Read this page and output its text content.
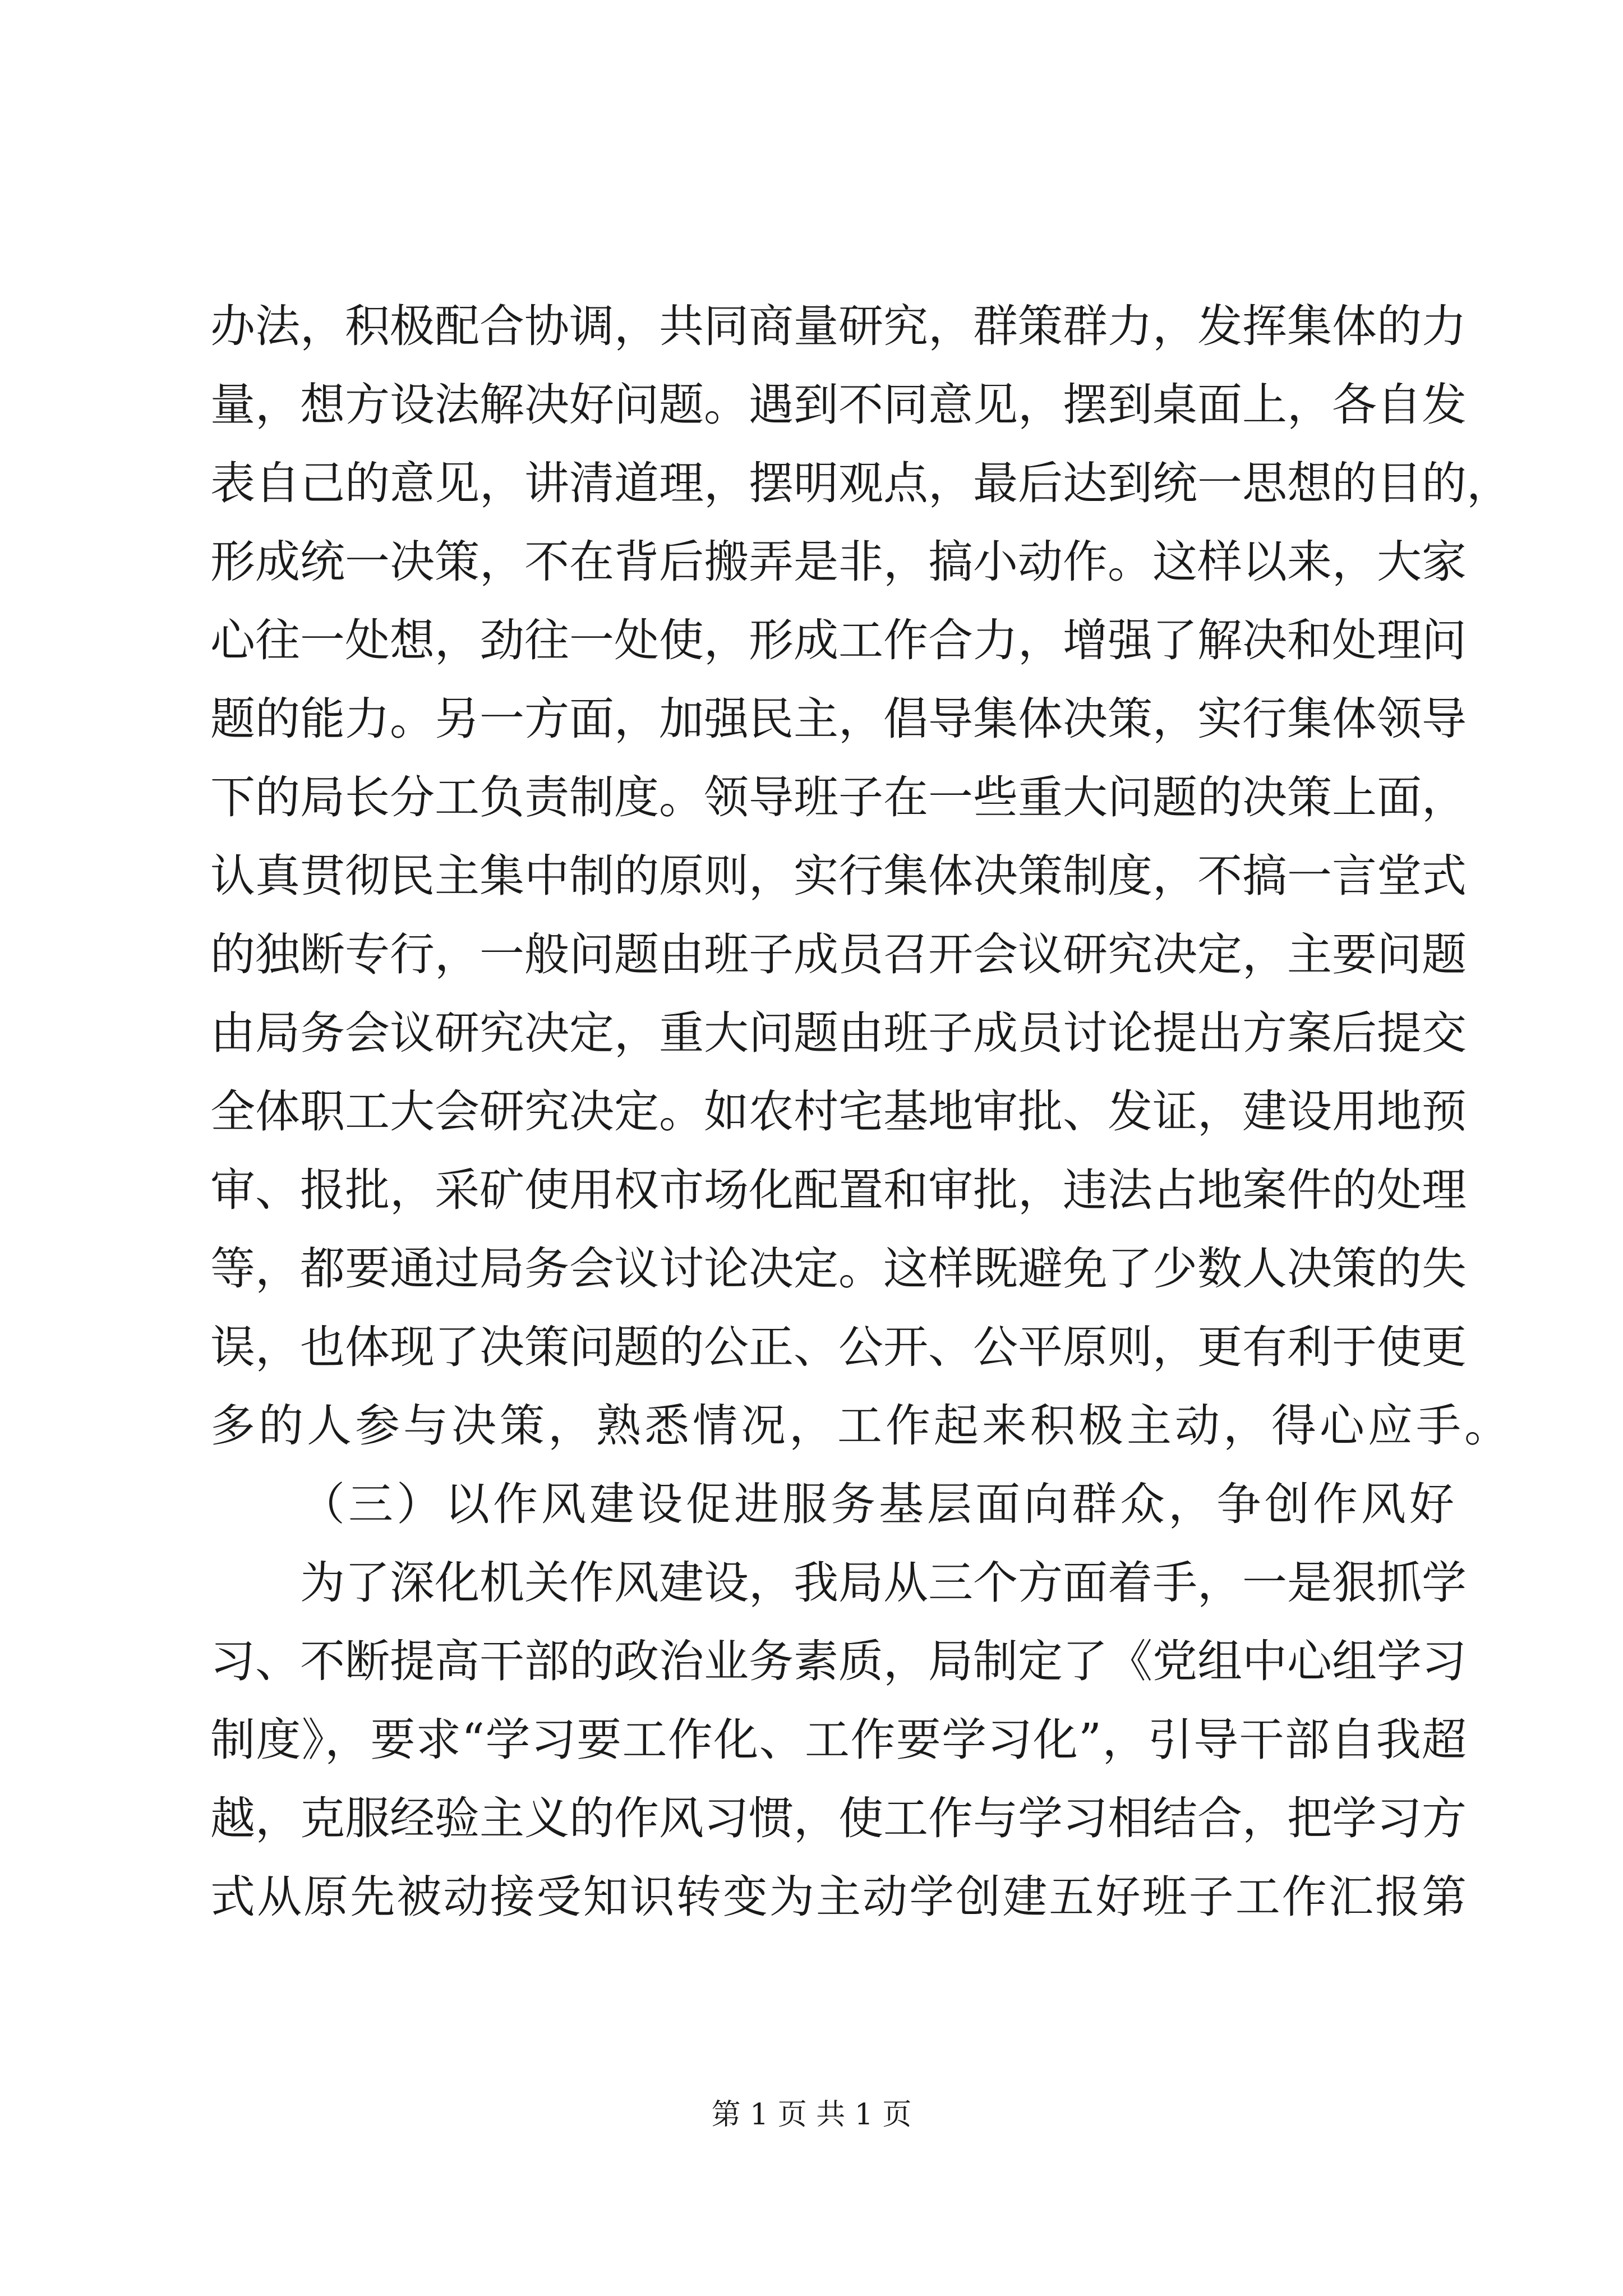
办法，积极配合协调，共同商量研究，群策群力，发挥集体的力
量，想方设法解决好问题。遇到不同意见，摆到桌面上，各自发
表自己的意见，讲清道理，摆明观点，最后达到统一思想的目的，
形成统一决策，不在背后搬弄是非，搞小动作。这样以来，大家
心往一处想，劲往一处使，形成工作合力，增强了解决和处理问
题的能力。另一方面，加强民主，倡导集体决策，实行集体领导
下的局长分工负责制度。领导班子在一些重大问题的决策上面，
认真贯彻民主集中制的原则，实行集体决策制度，不搞一言堂式
的独断专行，一般问题由班子成员召开会议研究决定，主要问题
由局务会议研究决定，重大问题由班子成员讨论提出方案后提交
全体职工大会研究决定。如农村宅基地审批、发证，建设用地预
审、报批，采矿使用权市场化配置和审批，违法占地案件的处理
等，都要通过局务会议讨论决定。这样既避免了少数人决策的失
误，也体现了决策问题的公正、公开、公平原则，更有利于使更
多的人参与决策，熟悉情况，工作起来积极主动，得心应手。
（三）以作风建设促进服务基层面向群众，争创作风好
为了深化机关作风建设，我局从三个方面着手，一是狠抓学
习、不断提高干部的政治业务素质，局制定了《党组中心组学习
制度》，要求“学习要工作化、工作要学习化”，引导干部自我超
越，克服经验主义的作风习惯，使工作与学习相结合，把学习方
式从原先被动接受知识转变为主动学创建五好班子工作汇报第
第 1 页 共 1 页
